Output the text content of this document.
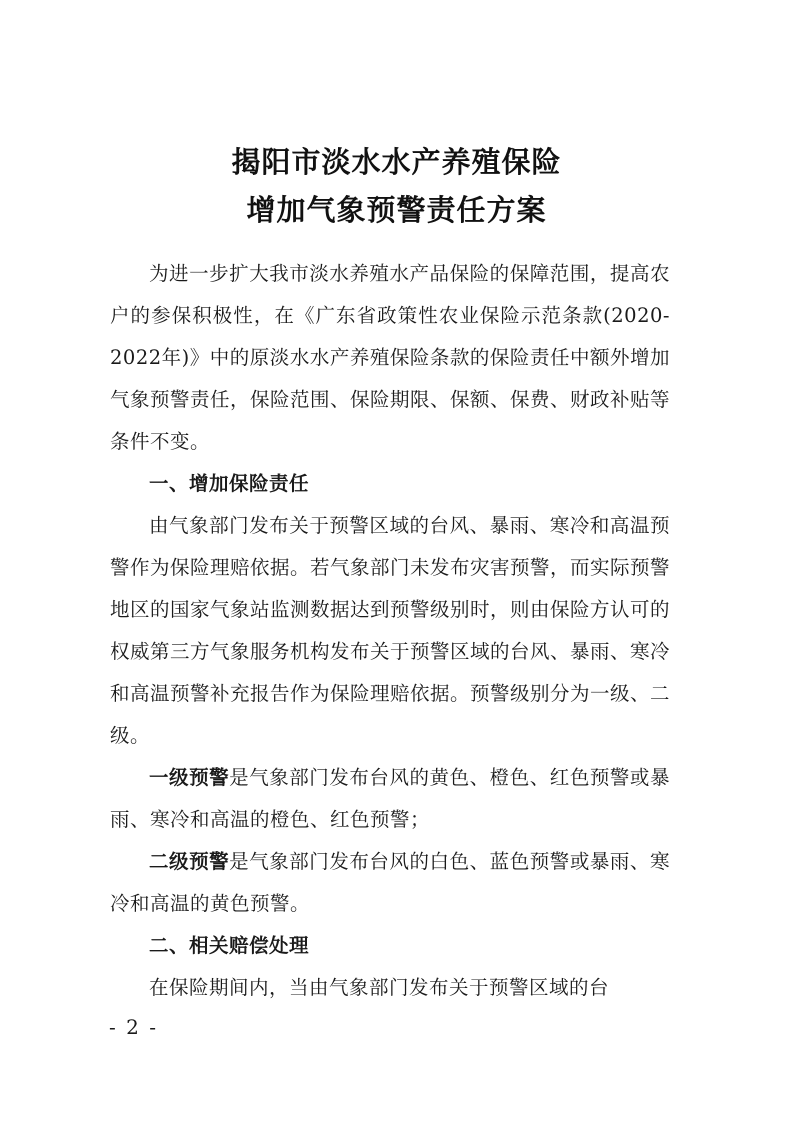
揭阳市淡水水产养殖保险
增加气象预警责任方案

为进一步扩大我市淡水养殖水产品保险的保障范围，提高农户的参保积极性，在《广东省政策性农业保险示范条款(2020-2022年)》中的原淡水水产养殖保险条款的保险责任中额外增加气象预警责任，保险范围、保险期限、保额、保费、财政补贴等条件不变。

一、增加保险责任

由气象部门发布关于预警区域的台风、暴雨、寒冷和高温预警作为保险理赔依据。若气象部门未发布灾害预警，而实际预警地区的国家气象站监测数据达到预警级别时，则由保险方认可的权威第三方气象服务机构发布关于预警区域的台风、暴雨、寒冷和高温预警补充报告作为保险理赔依据。预警级别分为一级、二级。

一级预警是气象部门发布台风的黄色、橙色、红色预警或暴雨、寒冷和高温的橙色、红色预警；

二级预警是气象部门发布台风的白色、蓝色预警或暴雨、寒冷和高温的黄色预警。

二、相关赔偿处理

在保险期间内，当由气象部门发布关于预警区域的台

- 2 -
